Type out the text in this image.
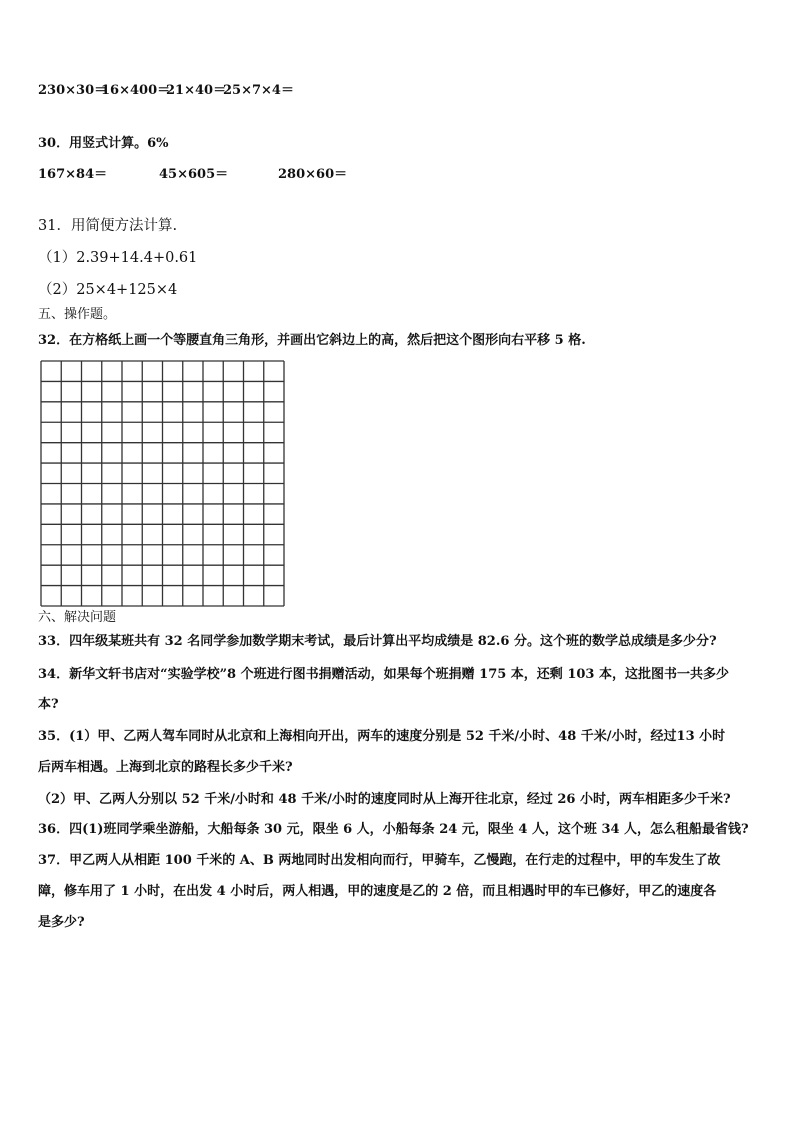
230×30＝
16×400＝
21×40＝
25×7×4＝
30．用竖式计算。6%
167×84＝	45×605＝	280×60＝
31．用简便方法计算.
（1）2.39+14.4+0.61
（2）25×4+125×4
五、操作题。
32．在方格纸上画一个等腰直角三角形，并画出它斜边上的高，然后把这个图形向右平移 5 格.
六、解决问题
33．四年级某班共有 32 名同学参加数学期末考试，最后计算出平均成绩是 82.6 分。这个班的数学总成绩是多少分?
34．新华文轩书店对“实验学校”8 个班进行图书捐赠活动，如果每个班捐赠 175 本，还剩 103 本，这批图书一共多少
本?
35．(1）甲、乙两人驾车同时从北京和上海相向开出，两车的速度分别是 52 千米/小时、48 千米/小时，经过13 小时
后两车相遇。上海到北京的路程长多少千米?
（2）甲、乙两人分别以 52 千米/小时和 48 千米/小时的速度同时从上海开往北京，经过 26 小时，两车相距多少千米?
36．四(1)班同学乘坐游船，大船每条 30 元，限坐 6 人，小船每条 24 元，限坐 4 人，这个班 34 人，怎么租船最省钱?
37．甲乙两人从相距 100 千米的 A、B 两地同时出发相向而行，甲骑车，乙慢跑，在行走的过程中，甲的车发生了故
障，修车用了 1 小时，在出发 4 小时后，两人相遇，甲的速度是乙的 2 倍，而且相遇时甲的车已修好，甲乙的速度各
是多少?
